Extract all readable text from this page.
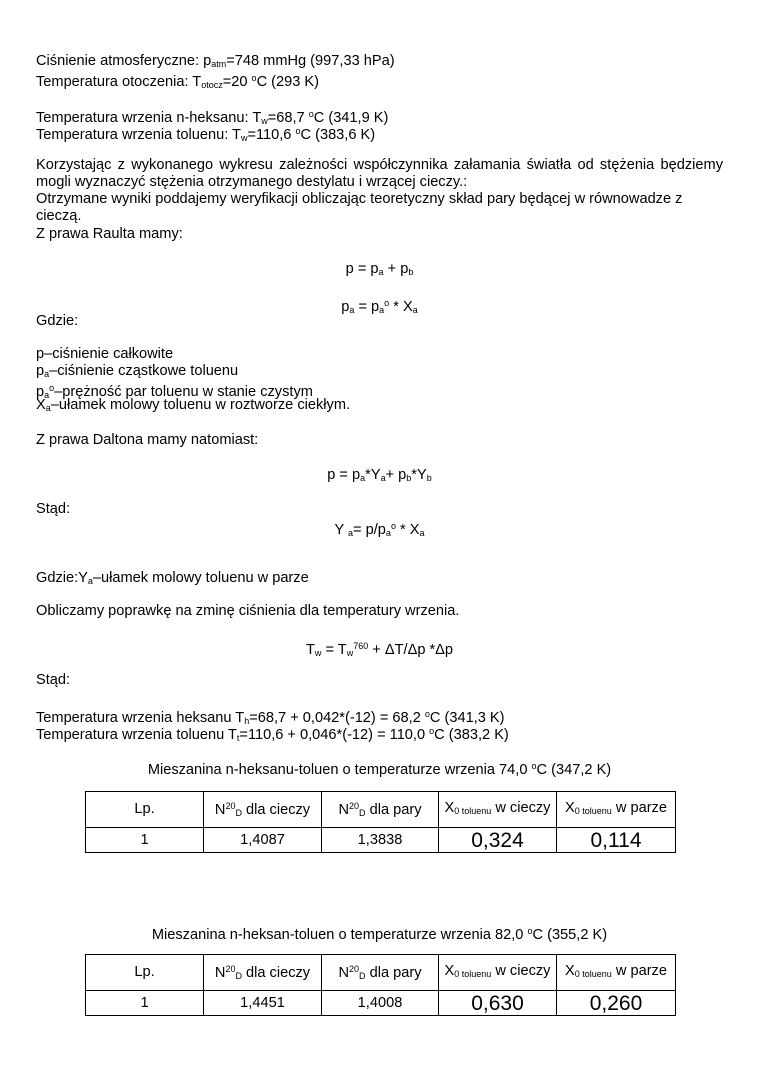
Ciśnienie atmosferyczne: patm=748 mmHg (997,33 hPa)
Temperatura otoczenia: Totocz=20 $^o$C (293 K)
Temperatura wrzenia n-heksanu: Tw=68,7 $^o$C (341,9 K)
Temperatura wrzenia toluenu: Tw=110,6 $^o$C (383,6 K)
Korzystając z wykonanego wykresu zależności współczynnika załamania światła od stężenia będziemy mogli wyznaczyć stężenia otrzymanego destylatu i wrzącej cieczy.:
Otrzymane wyniki poddajemy weryfikacji obliczając teoretyczny skład pary będącej w równowadze z cieczą.
Z prawa Raulta mamy:
p = pa + pb
pa = $pa^o$ * Xa
Gdzie:
p–ciśnienie całkowite
pa–ciśnienie cząstkowe toluenu
$pa^o$–prężność par toluenu w stanie czystym
Xa–ułamek molowy toluenu w roztworze ciekłym.
Z prawa Daltona mamy natomiast:
p = pa*Ya+ pb*Yb
Stąd:
Y $a= p/pa^o * Xa$
Gdzie:Ya–ułamek molowy toluenu w parze
Obliczamy poprawkę na zminę ciśnienia dla temperatury wrzenia.
$Tw = Tw^{760} + \Delta T/\Delta p$ *Δp
Stąd:
Temperatura wrzenia heksanu Th=68,7 + 0,042*(-12) = 68,2 $^o$C (341,3 K)
Temperatura wrzenia toluenu Tt=110,6 + 0,046*(-12) = 110,0 $^o$C (383,2 K)
Mieszanina n-heksanu-toluen o temperaturze wrzenia 74,0 $^o$C (347,2 K)
Lp.	$N^{20}D$ dla cieczy	$N^{20}D$ dla pary	X0 toluenu w cieczy	X0 toluenu w parze
1	1,4087	1,3838	0,324	0,114
Mieszanina n-heksan-toluen o temperaturze wrzenia 82,0 $^o$C (355,2 K)
Lp.	$N^{20}D$ dla cieczy	$N^{20}D$ dla pary	X0 toluenu w cieczy	X0 toluenu w parze
1	1,4451	1,4008	0,630	0,260
